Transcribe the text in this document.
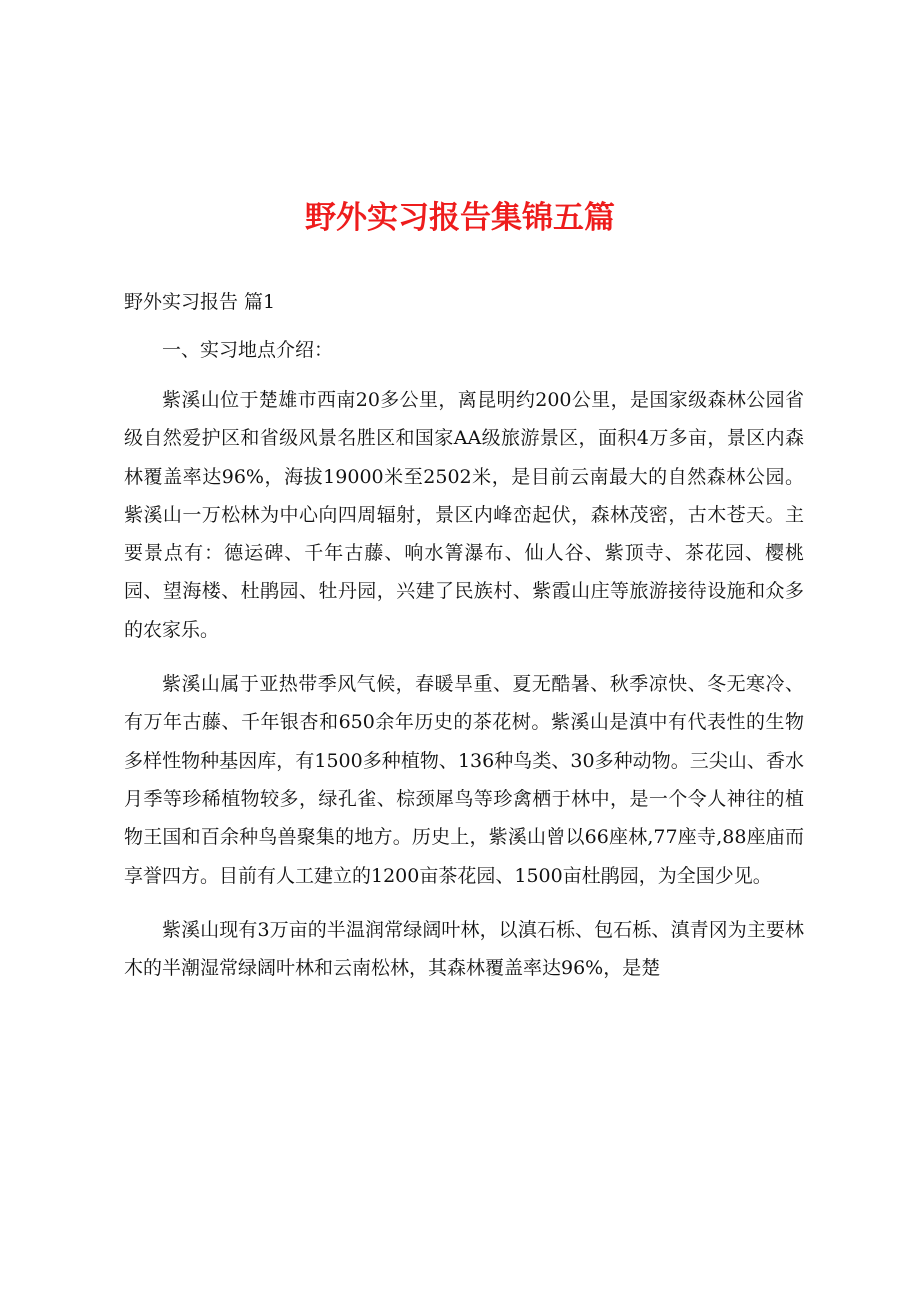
野外实习报告集锦五篇
野外实习报告 篇1

一、实习地点介绍：

紫溪山位于楚雄市西南20多公里，离昆明约200公里，是国家级森林公园省级自然爱护区和省级风景名胜区和国家AA级旅游景区，面积4万多亩，景区内森林覆盖率达96%，海拔19000米至2502米，是目前云南最大的自然森林公园。紫溪山一万松林为中心向四周辐射，景区内峰峦起伏，森林茂密，古木苍天。主要景点有：德运碑、千年古藤、响水箐瀑布、仙人谷、紫顶寺、茶花园、樱桃园、望海楼、杜鹃园、牡丹园，兴建了民族村、紫霞山庄等旅游接待设施和众多的农家乐。

紫溪山属于亚热带季风气候，春暖旱重、夏无酷暑、秋季凉快、冬无寒冷、有万年古藤、千年银杏和650余年历史的茶花树。紫溪山是滇中有代表性的生物多样性物种基因库，有1500多种植物、136种鸟类、30多种动物。三尖山、香水月季等珍稀植物较多，绿孔雀、棕颈犀鸟等珍禽栖于林中，是一个令人神往的植物王国和百余种鸟兽聚集的地方。历史上，紫溪山曾以66座林,77座寺,88座庙而享誉四方。目前有人工建立的1200亩茶花园、1500亩杜鹃园，为全国少见。

紫溪山现有3万亩的半温润常绿阔叶林，以滇石栎、包石栎、滇青冈为主要林木的半潮湿常绿阔叶林和云南松林，其森林覆盖率达96%，是楚
